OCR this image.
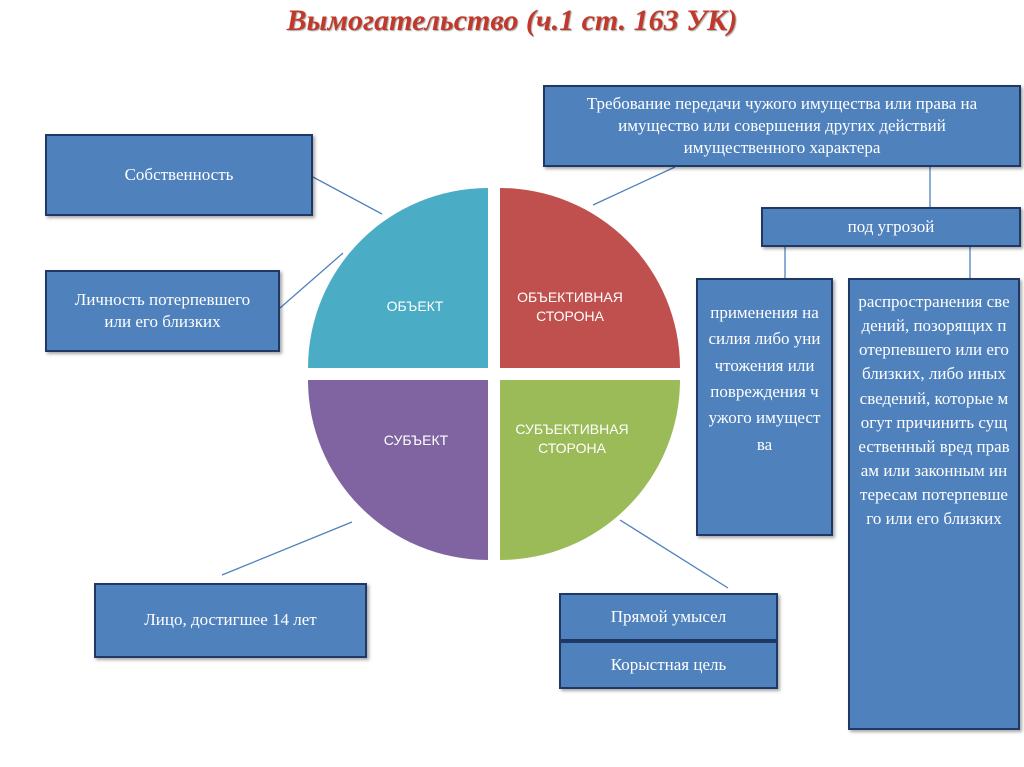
Вымогательство (ч.1 ст. 163 УК)
ОБЪЕКТ
ОБЪЕКТИВНАЯ
СТОРОНА
СУБЪЕКТ
СУБЪЕКТИВНАЯ
СТОРОНА
Собственность
Личность потерпевшего или его близких
Требование передачи чужого имущества или права на имущество или совершения других действий имущественного характера
под угрозой
применения насилия либо уничтожения или повреждения чужого имущества
распространения сведений, позорящих потерпевшего или его близких, либо иных сведений, которые могут причинить существенный вред правам или законным интересам потерпевшего или его близких
Лицо, достигшее 14 лет	Прямой умысел
Корыстная цель
